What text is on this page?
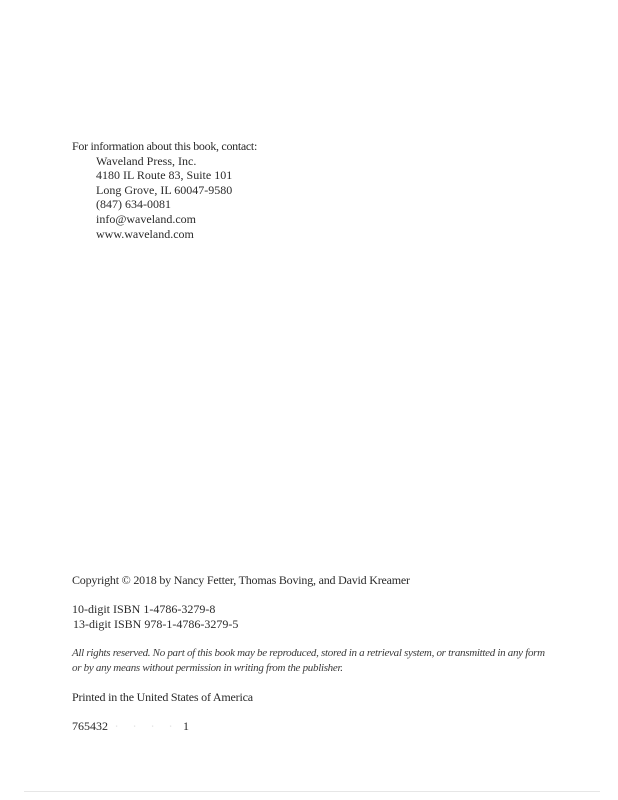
For information about this book, contact:
Waveland Press, Inc.
4180 IL Route 83, Suite 101
Long Grove, IL 60047-9580
(847) 634-0081
info@waveland.com
www.waveland.com
Copyright © 2018 by Nancy Fetter, Thomas Boving, and David Kreamer
10-digit ISBN 1-4786-3279-8
13-digit ISBN 978-1-4786-3279-5
All rights reserved. No part of this book may be reproduced, stored in a retrieval system, or transmitted in any form or by any means without permission in writing from the publisher.
Printed in the United States of America
765432 ∙ ∙ ∙ ∙ 1
